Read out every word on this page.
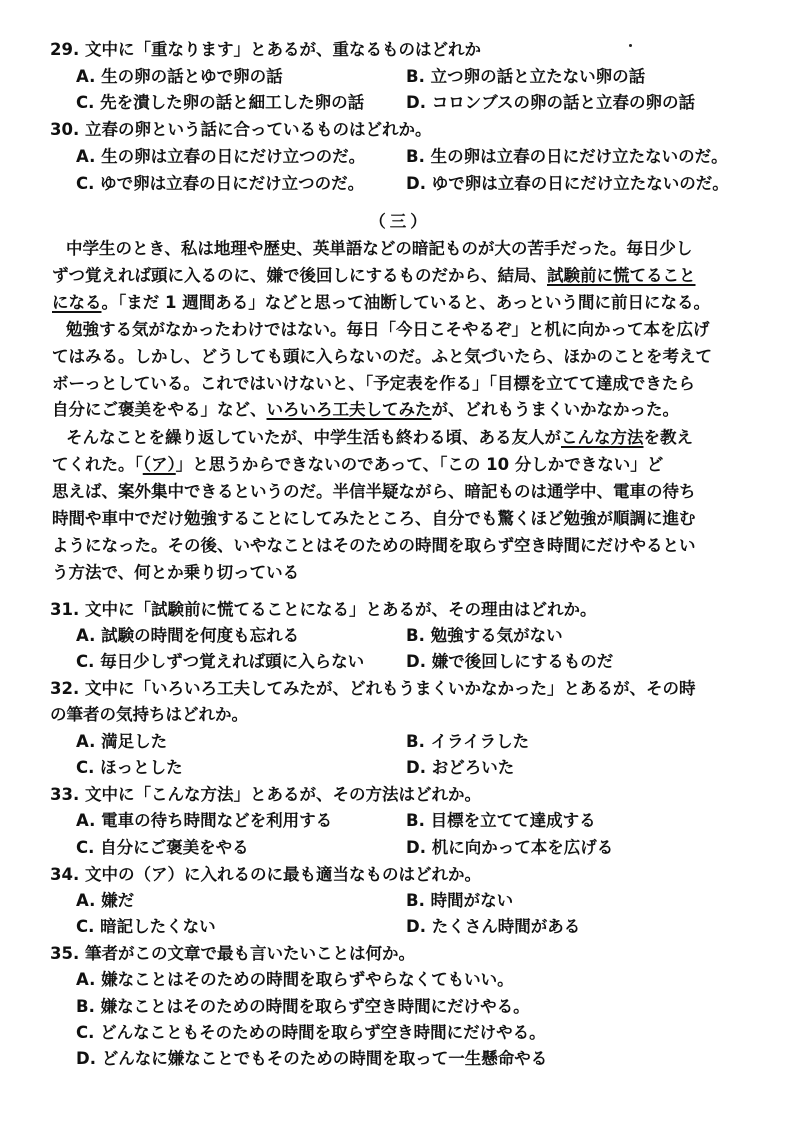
29. 文中に「重なります」とあるが、重なるものはどれか
A. 生の卵の話とゆで卵の話	B. 立つ卵の話と立たない卵の話
C. 先を潰した卵の話と細工した卵の話	D. コロンブスの卵の話と立春の卵の話
30. 立春の卵という話に合っているものはどれか。
A. 生の卵は立春の日にだけ立つのだ。 B. 生の卵は立春の日にだけ立たないのだ。
C. ゆで卵は立春の日にだけ立つのだ。	D. ゆで卵は立春の日にだけ立たないのだ。
（三）
中学生のとき、私は地理や歴史、英単語などの暗記ものが大の苦手だった。毎日少し
ずつ覚えれば頭に入るのに、嫌で後回しにするものだから、結局、試験前に慌てること
になる。「まだ 1 週間ある」などと思って油断していると、あっという間に前日になる。
勉強する気がなかったわけではない。毎日「今日こそやるぞ」と机に向かって本を広げ
てはみる。しかし、どうしても頭に入らないのだ。ふと気づいたら、ほかのことを考えて
ボーっとしている。これではいけないと、「予定表を作る」「目標を立てて達成できたら
自分にご褒美をやる」など、いろいろ工夫してみたが、どれもうまくいかなかった。
そんなことを繰り返していたが、中学生活も終わる頃、ある友人がこんな方法を教え
てくれた。「（ア）」と思うからできないのであって、「この 10 分しかできない」ど
思えば、案外集中できるというのだ。半信半疑ながら、暗記ものは通学中、電車の待ち
時間や車中でだけ勉強することにしてみたところ、自分でも驚くほど勉強が順調に進む
ようになった。その後、いやなことはそのための時間を取らず空き時間にだけやるとい
う方法で、何とか乗り切っている
31. 文中に「試験前に慌てることになる」とあるが、その理由はどれか。
A. 試験の時間を何度も忘れる	B. 勉強する気がない
C. 毎日少しずつ覚えれば頭に入らない	D. 嫌で後回しにするものだ
32. 文中に「いろいろ工夫してみたが、どれもうまくいかなかった」とあるが、その時
の筆者の気持ちはどれか。
A. 満足した	B. イライラした
C. ほっとした	D. おどろいた
33. 文中に「こんな方法」とあるが、その方法はどれか。
A. 電車の待ち時間などを利用する	B. 目標を立てて達成する
C. 自分にご褒美をやる	D. 机に向かって本を広げる
34. 文中の（ア）に入れるのに最も適当なものはどれか。
A. 嫌だ	B. 時間がない
C. 暗記したくない	D. たくさん時間がある
35. 筆者がこの文章で最も言いたいことは何か。
A. 嫌なことはそのための時間を取らずやらなくてもいい。
B. 嫌なことはそのための時間を取らず空き時間にだけやる。
C. どんなこともそのための時間を取らず空き時間にだけやる。
D. どんなに嫌なことでもそのための時間を取って一生懸命やる
